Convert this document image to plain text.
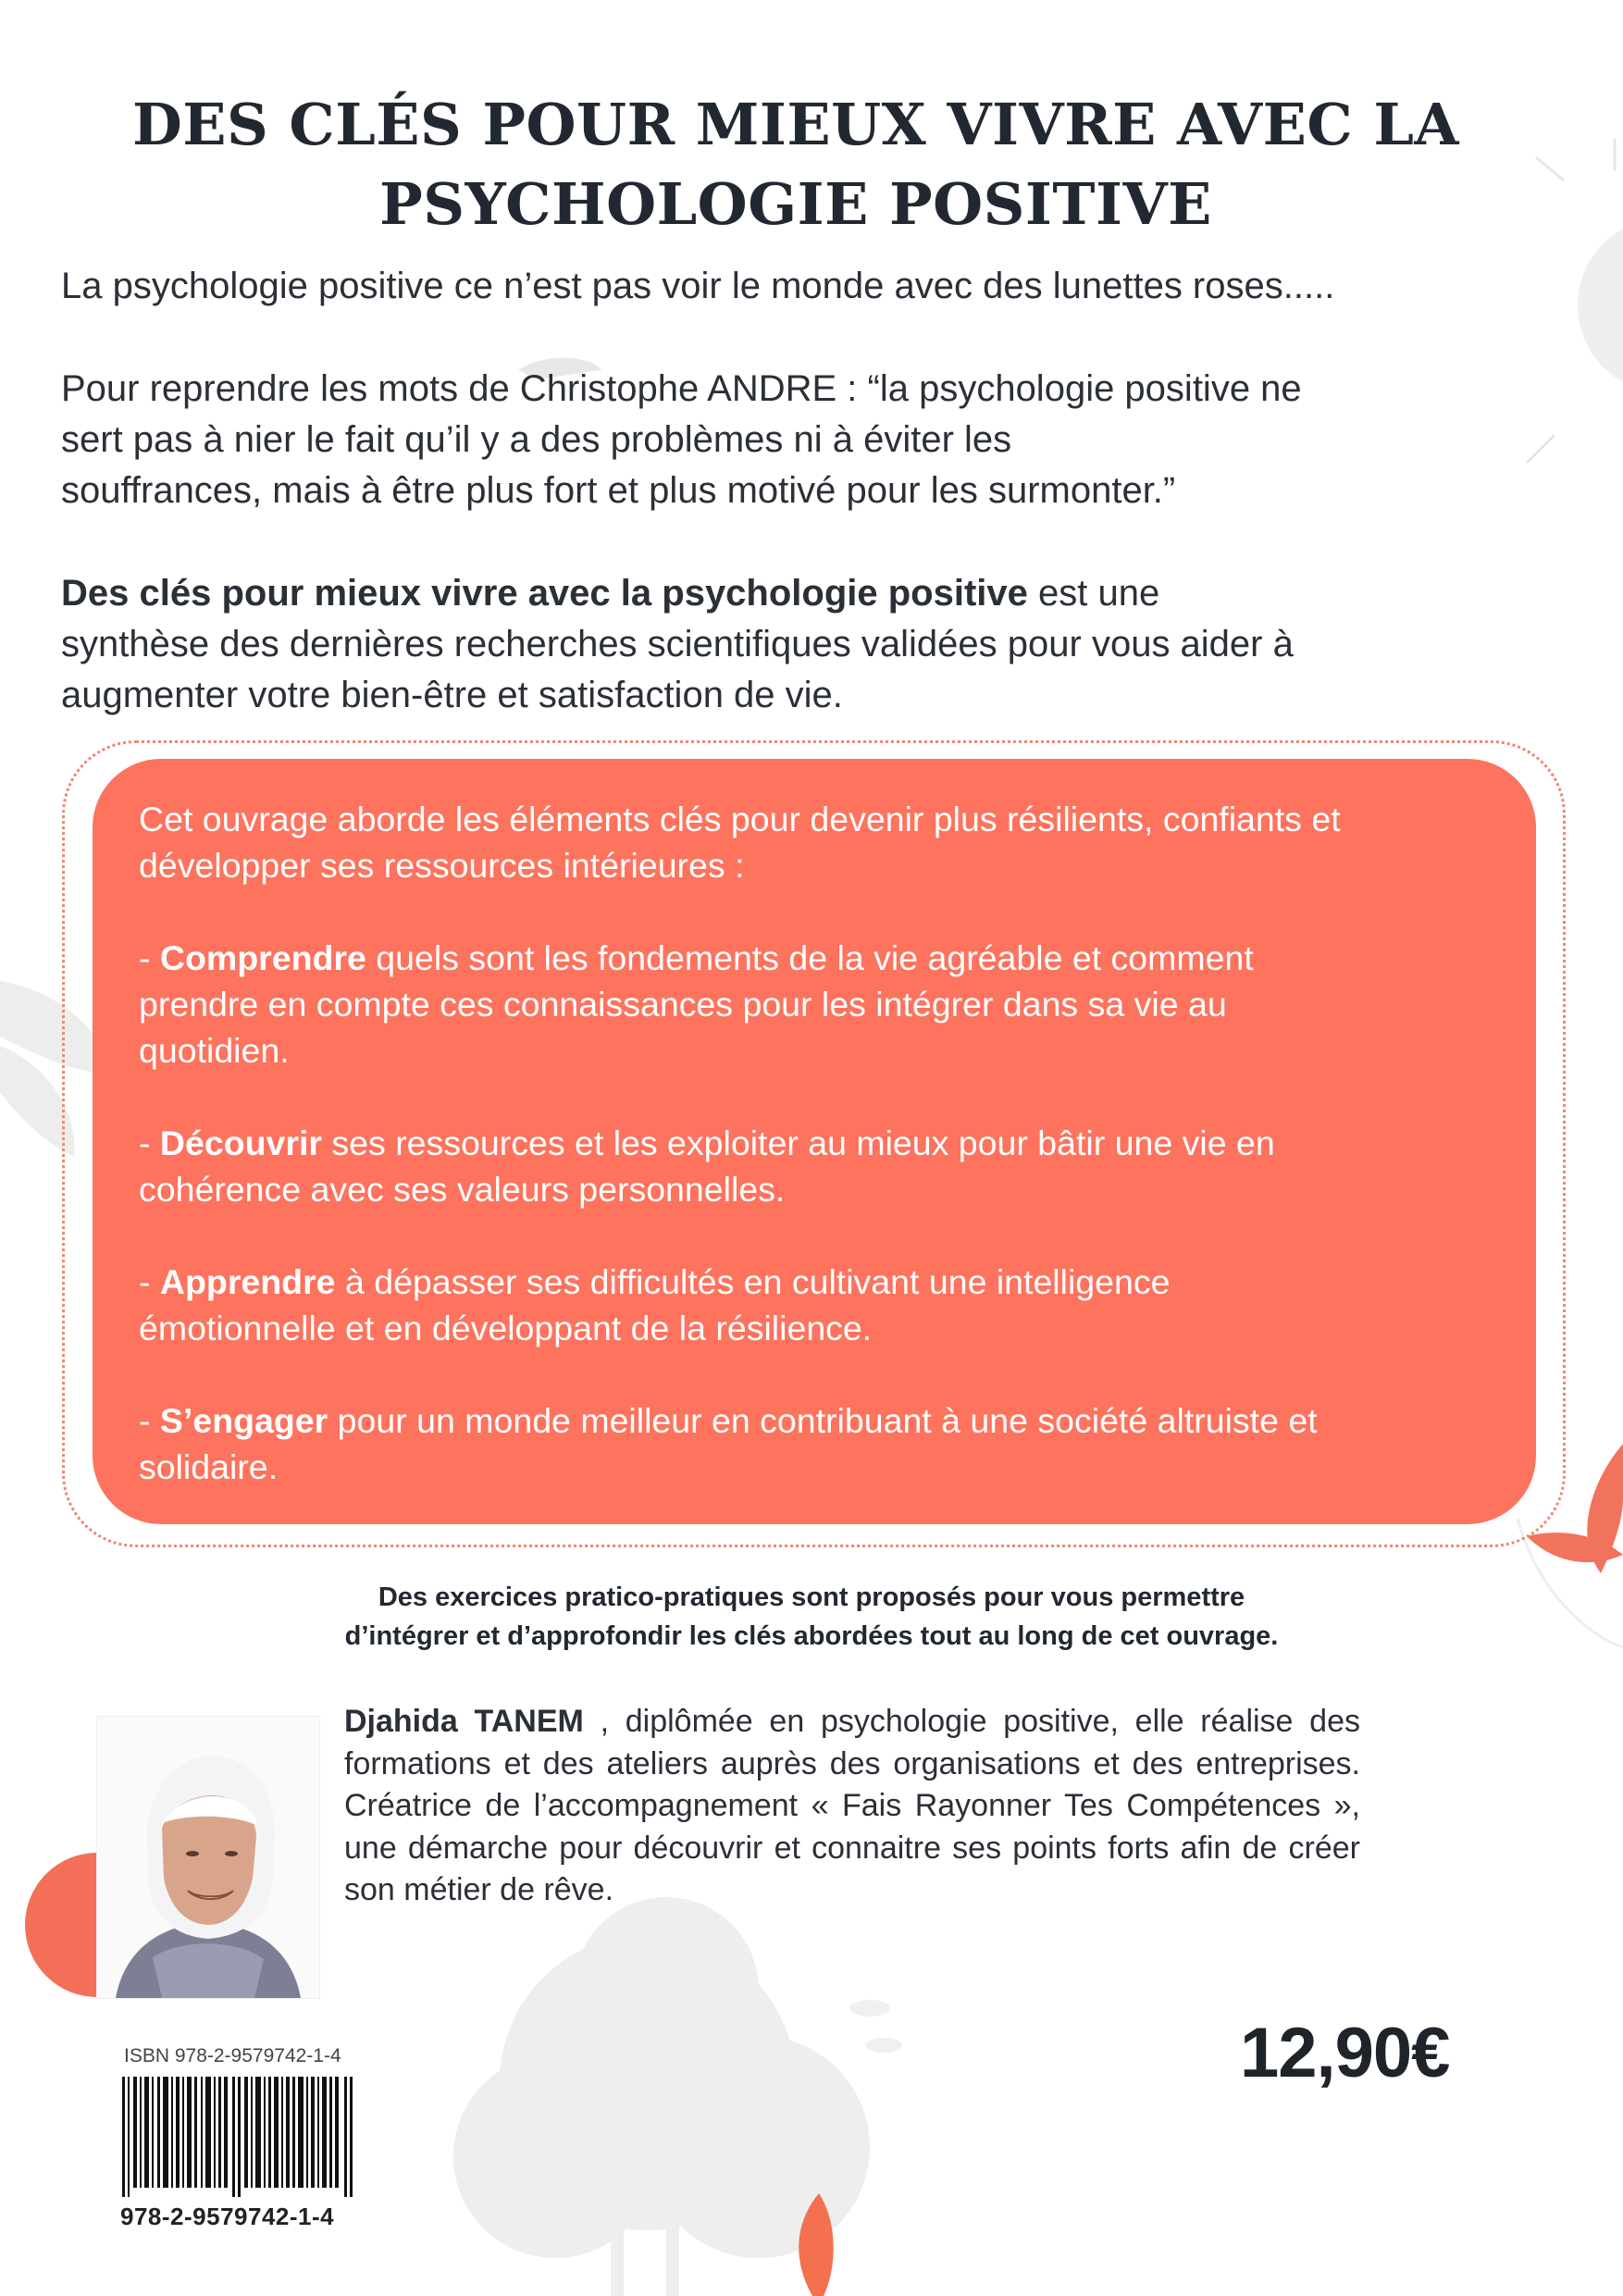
DES CLÉS POUR MIEUX VIVRE AVEC LA
PSYCHOLOGIE POSITIVE

La psychologie positive ce n’est pas voir le monde avec des lunettes roses.....

Pour reprendre les mots de Christophe ANDRE : “la psychologie positive ne
sert pas à nier le fait qu’il y a des problèmes ni à éviter les
souffrances, mais à être plus fort et plus motivé pour les surmonter.”

Des clés pour mieux vivre avec la psychologie positive est une
synthèse des dernières recherches scientifiques validées pour vous aider à
augmenter votre bien-être et satisfaction de vie.

Cet ouvrage aborde les éléments clés pour devenir plus résilients, confiants et
développer ses ressources intérieures :

- Comprendre quels sont les fondements de la vie agréable et comment
prendre en compte ces connaissances pour les intégrer dans sa vie au
quotidien.

- Découvrir ses ressources et les exploiter au mieux pour bâtir une vie en
cohérence avec ses valeurs personnelles.

- Apprendre à dépasser ses difficultés en cultivant une intelligence
émotionnelle et en développant de la résilience.

- S’engager pour un monde meilleur en contribuant à une société altruiste et
solidaire.

Des exercices pratico-pratiques sont proposés pour vous permettre
d’intégrer et d’approfondir les clés abordées tout au long de cet ouvrage.

Djahida TANEM , diplômée en psychologie positive, elle réalise des formations et des ateliers auprès des organisations et des entreprises. Créatrice de l’accompagnement « Fais Rayonner Tes Compétences », une démarche pour découvrir et connaitre ses points forts afin de créer son métier de rêve.

ISBN 978-2-9579742-1-4
978-2-9579742-1-4
12,90€
